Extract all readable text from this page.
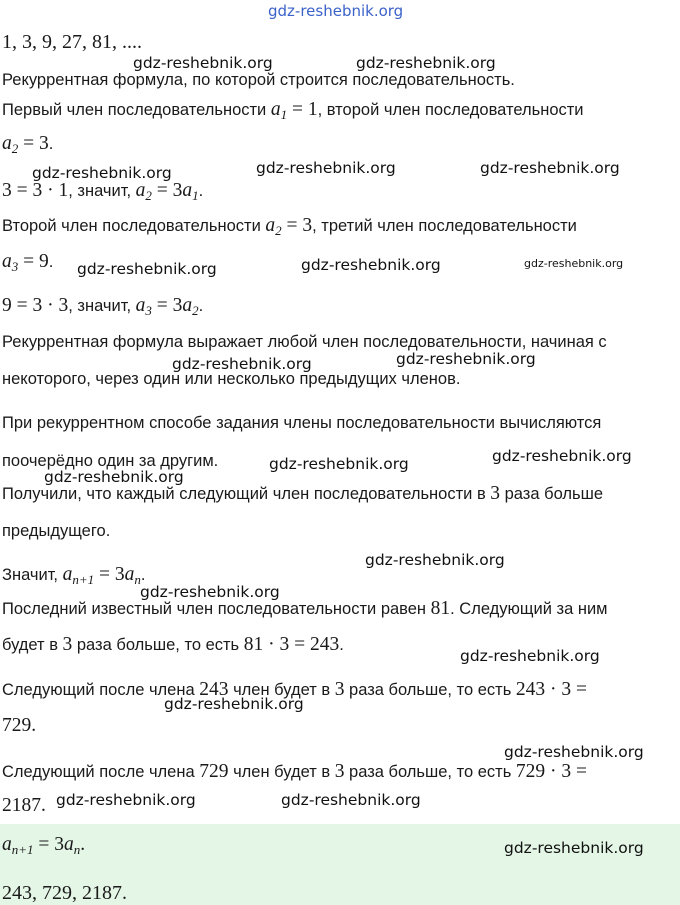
gdz-reshebnik.org
1, 3, 9, 27, 81, ....
gdz-reshebnik.org	gdz-reshebnik.org
Рекуррентная формула, по которой строится последовательность.
Первый член последовательности $a_1 = 1$, второй член последовательности
$a_2 = 3$.
gdz-reshebnik.org	gdz-reshebnik.org	gdz-reshebnik.org
3 = 3 · 1, значит, $a_2 = 3a_1$.
Второй член последовательности $a_2 = 3$, третий член последовательности
$a_3 = 9$. gdz-reshebnik.org	gdz-reshebnik.org	gdz-reshebnik.org
9 = 3 · 3, значит, $a_3 = 3a_2$.
Рекуррентная формула выражает любой член последовательности, начиная с
gdz-reshebnik.org	gdz-reshebnik.org
некоторого, через один или несколько предыдущих членов.
При рекуррентном способе задания члены последовательности вычисляются
поочерёдно один за другим.	gdz-reshebnik.org	gdz-reshebnik.org
gdz-reshebnik.org
Получили, что каждый следующий член последовательности в 3 раза больше
предыдущего.
gdz-reshebnik.org
Значит, $a_{n+1} = 3a_n$.
gdz-reshebnik.org
Последний известный член последовательности равен 81. Следующий за ним
будет в 3 раза больше, то есть 81 · 3 = 243.
gdz-reshebnik.org
Следующий после члена 243 член будет в 3 раза больше, то есть 243 · 3 =
gdz-reshebnik.org
729.
gdz-reshebnik.org
Следующий после члена 729 член будет в 3 раза больше, то есть 729 · 3 =
2187. gdz-reshebnik.org	gdz-reshebnik.org
$a_{n+1} = 3a_n$.	gdz-reshebnik.org
243, 729, 2187.
